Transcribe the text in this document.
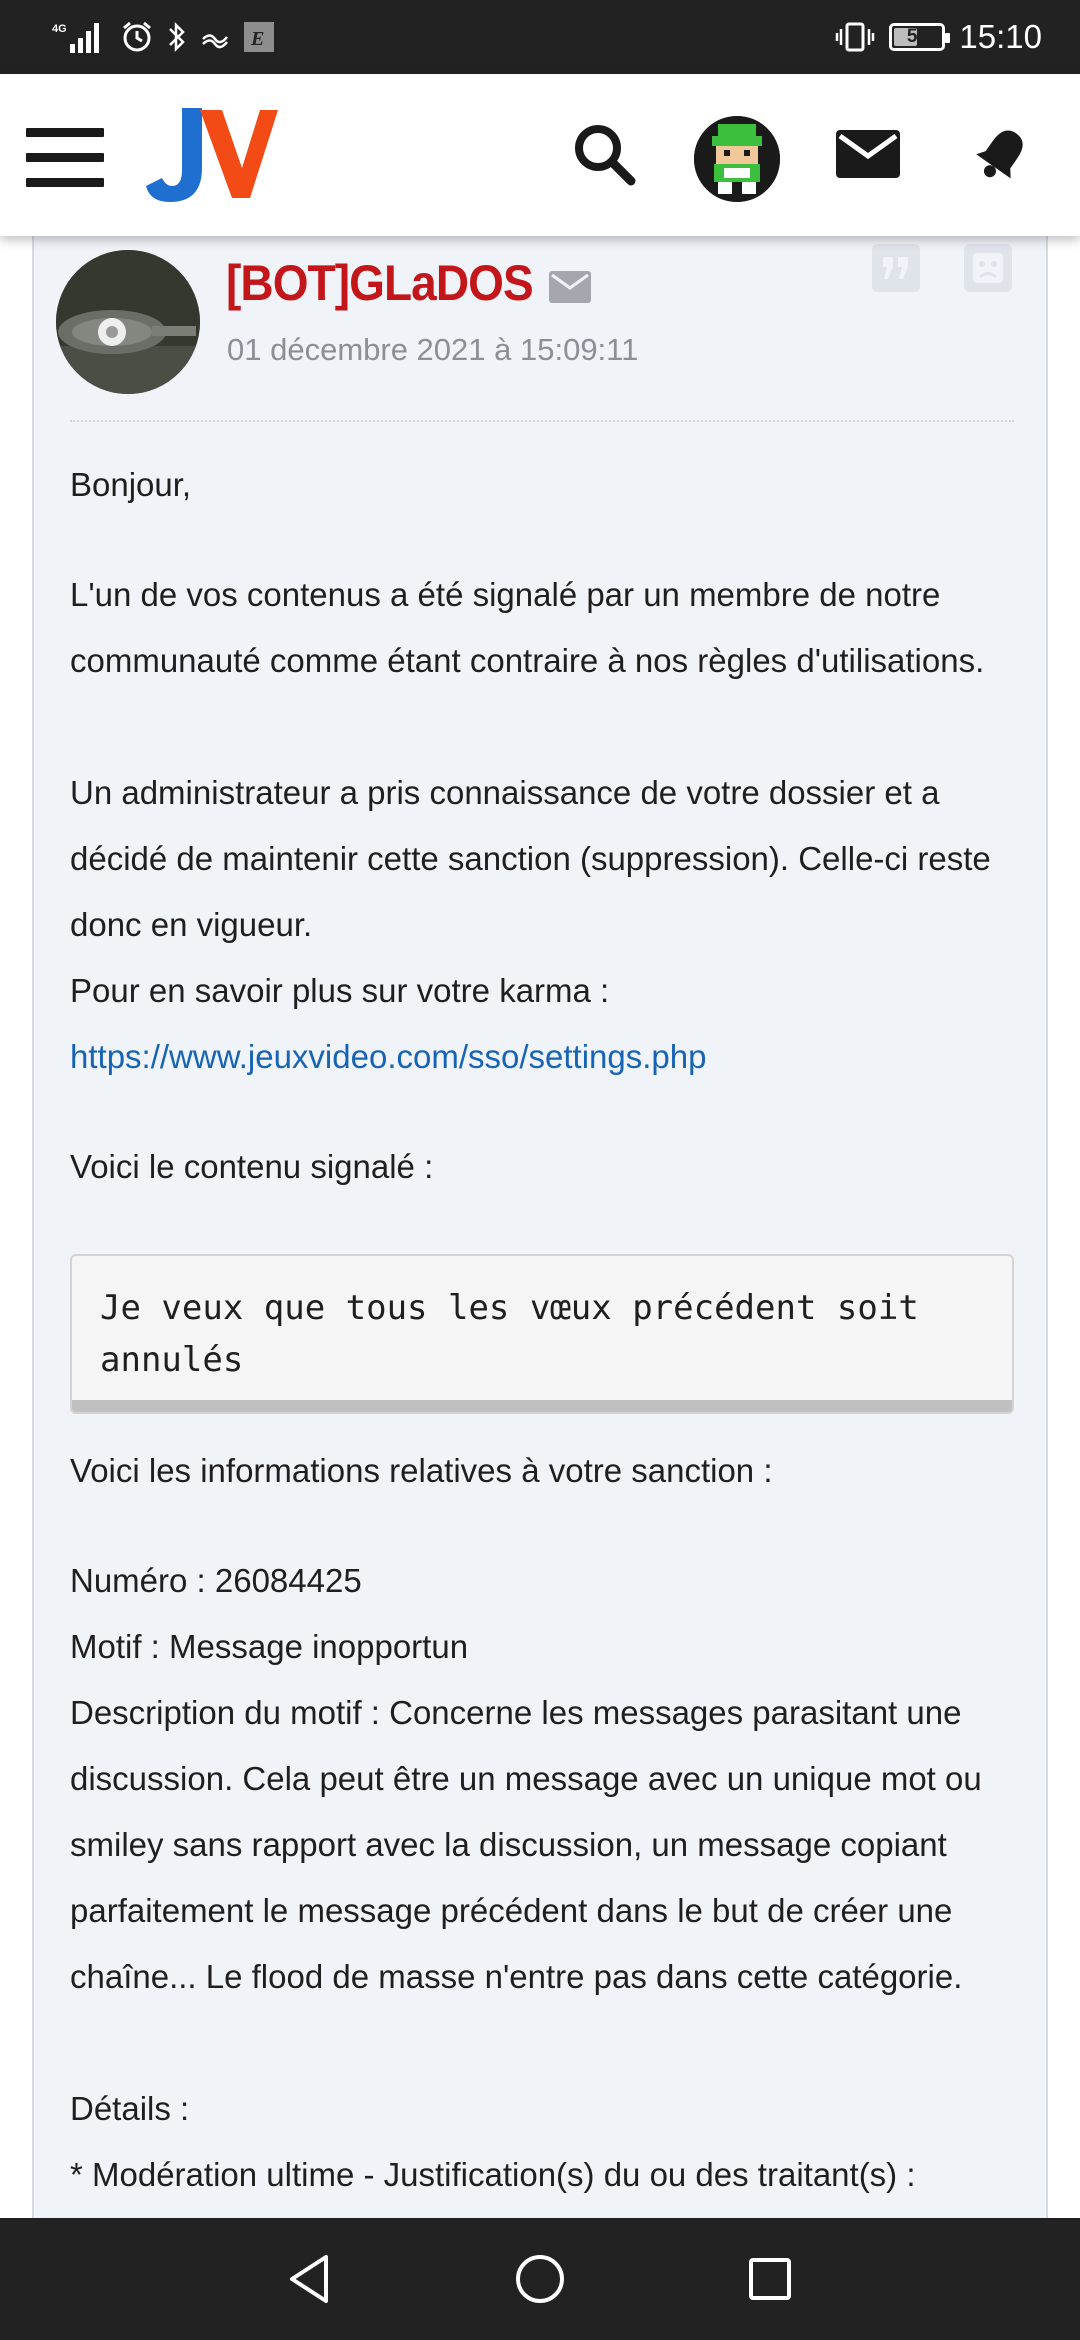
4G	E	51 15:10
[BOT]GLaDOS
01 décembre 2021 à 15:09:11
Bonjour,
L'un de vos contenus a été signalé par un membre de notre communauté comme étant contraire à nos règles d'utilisations.
Un administrateur a pris connaissance de votre dossier et a décidé de maintenir cette sanction (suppression). Celle-ci reste donc en vigueur.
Pour en savoir plus sur votre karma :
https://www.jeuxvideo.com/sso/settings.php
Voici le contenu signalé :
Je veux que tous les vœux précédent soit annulés
Voici les informations relatives à votre sanction :
Numéro : 26084425
Motif : Message inopportun
Description du motif : Concerne les messages parasitant une discussion. Cela peut être un message avec un unique mot ou smiley sans rapport avec la discussion, un message copiant parfaitement le message précédent dans le but de créer une chaîne... Le flood de masse n'entre pas dans cette catégorie.
Détails :
* Modération ultime - Justification(s) du ou des traitant(s) :
